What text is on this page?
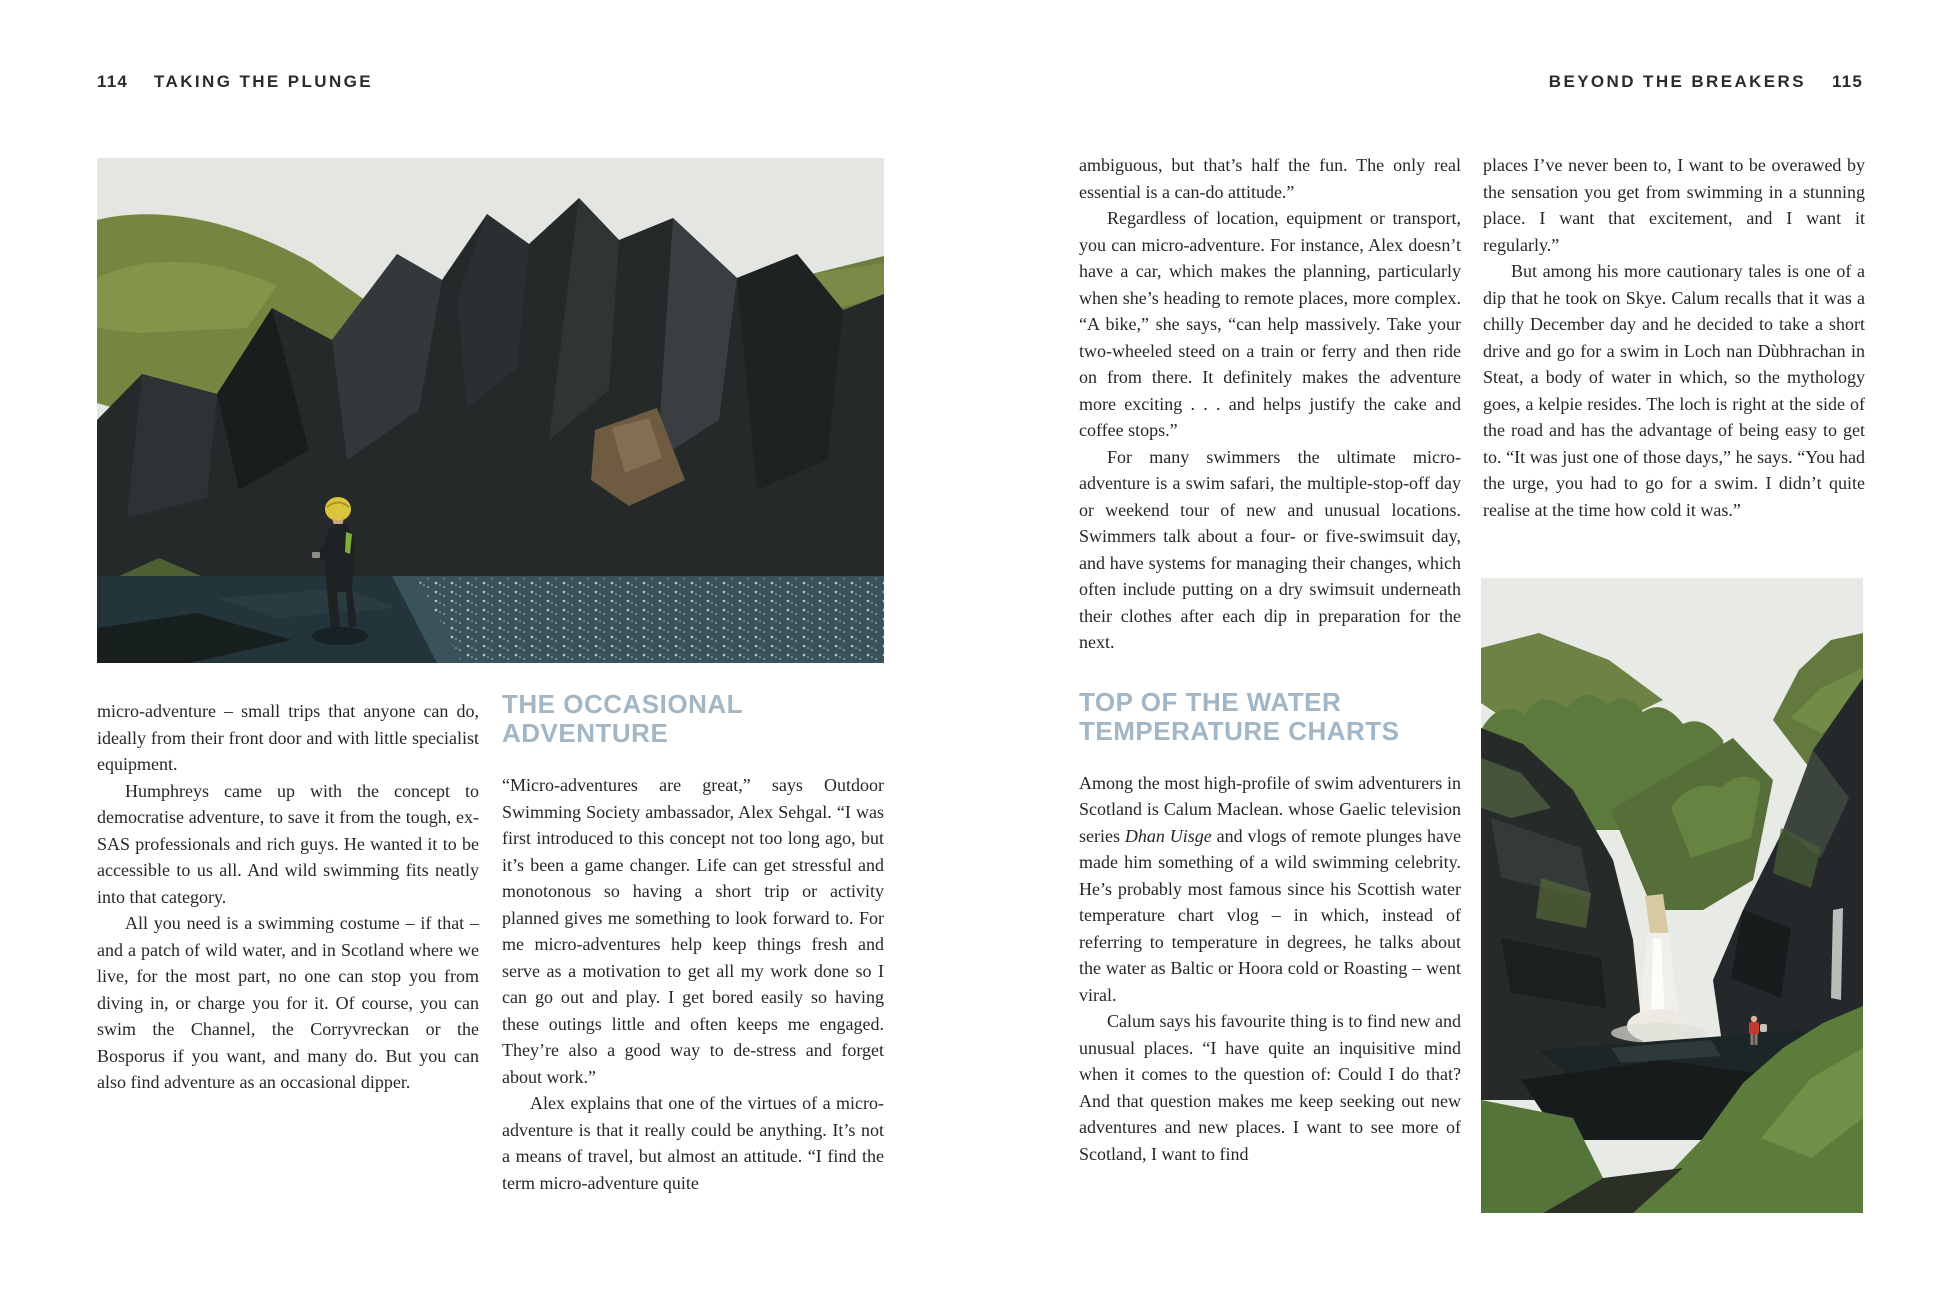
114 TAKING THE PLUNGE	BEYOND THE BREAKERS 115

micro-adventure – small trips that anyone can do, ideally from their front door and with little specialist equipment.

Humphreys came up with the concept to democratise adventure, to save it from the tough, ex-SAS professionals and rich guys. He wanted it to be accessible to us all. And wild swimming fits neatly into that category.

All you need is a swimming costume – if that – and a patch of wild water, and in Scotland where we live, for the most part, no one can stop you from diving in, or charge you for it. Of course, you can swim the Channel, the Corryvreckan or the Bosporus if you want, and many do. But you can also find adventure as an occasional dipper.

THE OCCASIONAL ADVENTURE

“Micro-adventures are great,” says Outdoor Swimming Society ambassador, Alex Sehgal. “I was first introduced to this concept not too long ago, but it’s been a game changer. Life can get stressful and monotonous so having a short trip or activity planned gives me something to look forward to. For me micro-adventures help keep things fresh and serve as a motivation to get all my work done so I can go out and play. I get bored easily so having these outings little and often keeps me engaged. They’re also a good way to de-stress and forget about work.”

Alex explains that one of the virtues of a micro-adventure is that it really could be anything. It’s not a means of travel, but almost an attitude. “I find the term micro-adventure quite

ambiguous, but that’s half the fun. The only real essential is a can-do attitude.”

Regardless of location, equipment or transport, you can micro-adventure. For instance, Alex doesn’t have a car, which makes the planning, particularly when she’s heading to remote places, more complex. “A bike,” she says, “can help massively. Take your two-wheeled steed on a train or ferry and then ride on from there. It definitely makes the adventure more exciting . . . and helps justify the cake and coffee stops.”

For many swimmers the ultimate micro-adventure is a swim safari, the multiple-stop-off day or weekend tour of new and unusual locations. Swimmers talk about a four- or five-swimsuit day, and have systems for managing their changes, which often include putting on a dry swimsuit underneath their clothes after each dip in preparation for the next.

TOP OF THE WATER TEMPERATURE CHARTS

Among the most high-profile of swim adventurers in Scotland is Calum Maclean. whose Gaelic television series Dhan Uisge and vlogs of remote plunges have made him something of a wild swimming celebrity. He’s probably most famous since his Scottish water temperature chart vlog – in which, instead of referring to temperature in degrees, he talks about the water as Baltic or Hoora cold or Roasting – went viral.

Calum says his favourite thing is to find new and unusual places. “I have quite an inquisitive mind when it comes to the question of: Could I do that? And that question makes me keep seeking out new adventures and new places. I want to see more of Scotland, I want to find

places I’ve never been to, I want to be overawed by the sensation you get from swimming in a stunning place. I want that excitement, and I want it regularly.”

But among his more cautionary tales is one of a dip that he took on Skye. Calum recalls that it was a chilly December day and he decided to take a short drive and go for a swim in Loch nan Dùbhrachan in Steat, a body of water in which, so the mythology goes, a kelpie resides. The loch is right at the side of the road and has the advantage of being easy to get to. “It was just one of those days,” he says. “You had the urge, you had to go for a swim. I didn’t quite realise at the time how cold it was.”
